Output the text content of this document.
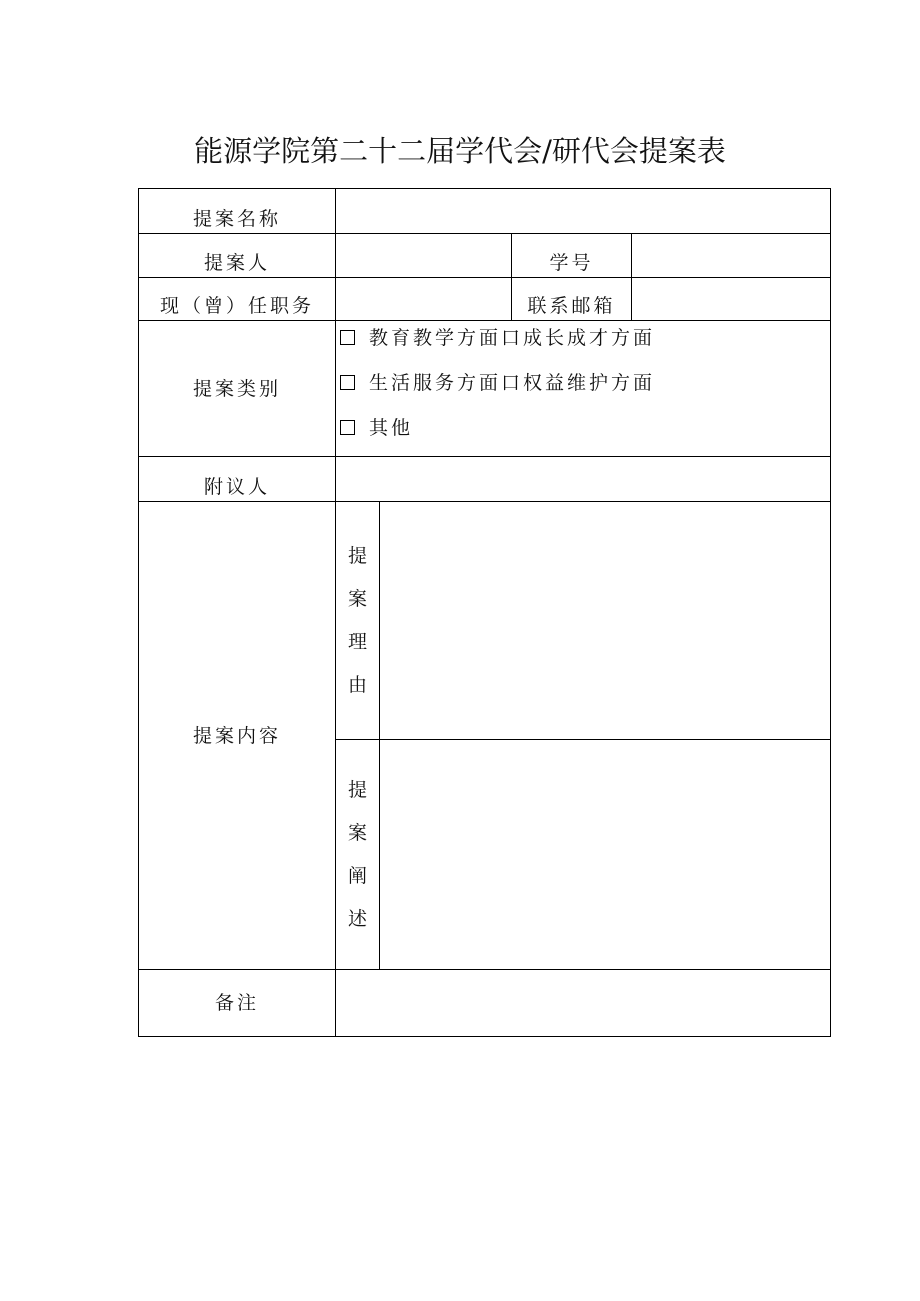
能源学院第二十二届学代会/研代会提案表
提案名称				
提案人			学号	
现（曾）任职务			联系邮箱	
提案类别	教育教学方面口成长成才方面
生活服务方面口权益维护方面
其他			

附议人				
提案内容	提
案
理
由			

	提
案
阐
述			

备注				
